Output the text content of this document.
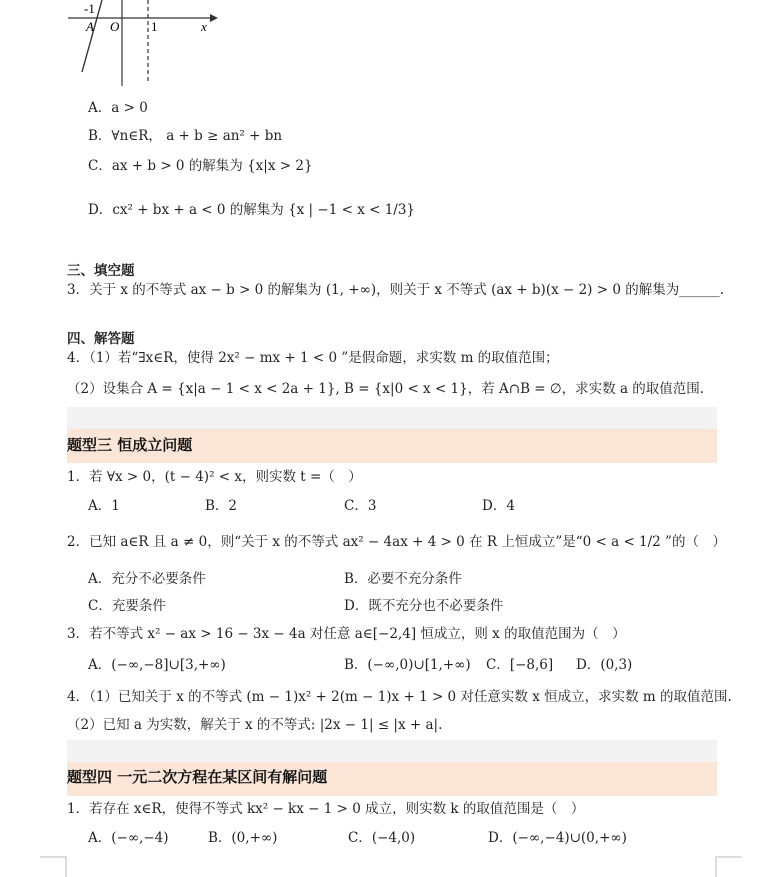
-1
A O 1	x
A．a > 0
B．∀n∈R， a + b ≥ an² + bn
C．ax + b > 0 的解集为 {x|x > 2}
D．cx² + bx + a < 0 的解集为 {x | −1 < x < 1/3}
三、填空题
3．关于 x 的不等式 ax − b > 0 的解集为 (1, +∞)，则关于 x 不等式 (ax + b)(x − 2) > 0 的解集为______.
四、解答题
4．（1）若“∃x∈R，使得 2x² − mx + 1 < 0 ”是假命题，求实数 m 的取值范围；
（2）设集合 A = {x|a − 1 < x < 2a + 1}, B = {x|0 < x < 1}，若 A∩B = ∅，求实数 a 的取值范围.
题型三 恒成立问题
1．若 ∀x > 0，(t − 4)² < x，则实数 t =（　）
A．1	B．2	C．3	D．4
2．已知 a∈R 且 a ≠ 0，则“关于 x 的不等式 ax² − 4ax + 4 > 0 在 R 上恒成立”是“0 < a < 1/2 ”的（　）
A．充分不必要条件	B．必要不充分条件
C．充要条件	D．既不充分也不必要条件
3．若不等式 x² − ax > 16 − 3x − 4a 对任意 a∈[−2,4] 恒成立，则 x 的取值范围为（　）
A．(−∞,−8]∪[3,+∞)	B．(−∞,0)∪[1,+∞) C．[−8,6] D．(0,3)
4．（1）已知关于 x 的不等式 (m − 1)x² + 2(m − 1)x + 1 > 0 对任意实数 x 恒成立，求实数 m 的取值范围.
（2）已知 a 为实数，解关于 x 的不等式: |2x − 1| ≤ |x + a|.
题型四 一元二次方程在某区间有解问题
1．若存在 x∈R，使得不等式 kx² − kx − 1 > 0 成立，则实数 k 的取值范围是（　）
A．(−∞,−4)	B．(0,+∞)	C．(−4,0)	D．(−∞,−4)∪(0,+∞)
